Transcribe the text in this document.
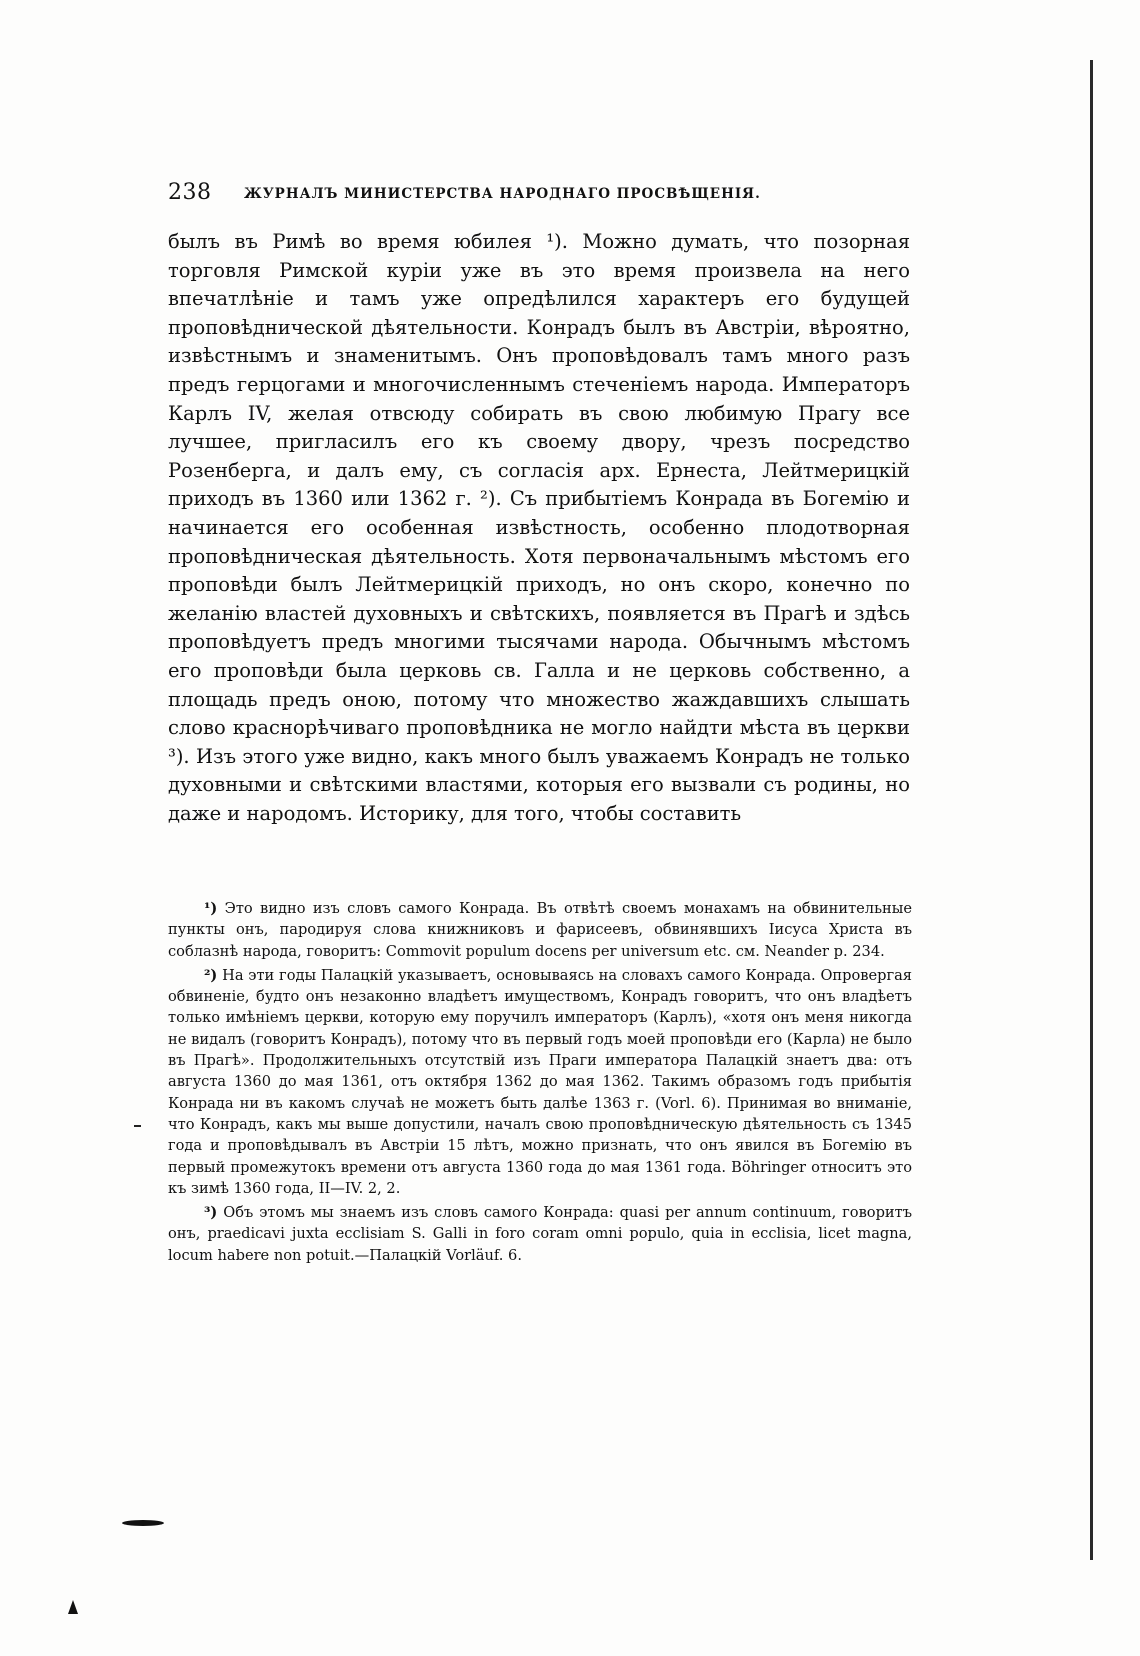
238 ЖУРНАЛЪ МИНИСТЕРСТВА НАРОДНАГО ПРОСВѢЩЕНІЯ.

былъ въ Римѣ во время юбилея ¹). Можно думать, что позорная торговля Римской куріи уже въ это время произвела на него впечатлѣніе и тамъ уже опредѣлился характеръ его будущей проповѣднической дѣятельности. Конрадъ былъ въ Австріи, вѣроятно, извѣстнымъ и знаменитымъ. Онъ проповѣдовалъ тамъ много разъ предъ герцогами и многочисленнымъ стеченіемъ народа. Императоръ Карлъ IV, желая отвсюду собирать въ свою любимую Прагу все лучшее, пригласилъ его къ своему двору, чрезъ посредство Розенберга, и далъ ему, съ согласія арх. Ернеста, Лейтмерицкій приходъ въ 1360 или 1362 г. ²). Съ прибытіемъ Конрада въ Богемію и начинается его особенная извѣстность, особенно плодотворная проповѣдническая дѣятельность. Хотя первоначальнымъ мѣстомъ его проповѣди былъ Лейтмерицкій приходъ, но онъ скоро, конечно по желанію властей духовныхъ и свѣтскихъ, появляется въ Прагѣ и здѣсь проповѣдуетъ предъ многими тысячами народа. Обычнымъ мѣстомъ его проповѣди была церковь св. Галла и не церковь собственно, а площадь предъ оною, потому что множество жаждавшихъ слышать слово краснорѣчиваго проповѣдника не могло найдти мѣста въ церкви ³). Изъ этого уже видно, какъ много былъ уважаемъ Конрадъ не только духовными и свѣтскими властями, которыя его вызвали съ родины, но даже и народомъ. Историку, для того, чтобы составить

¹) Это видно изъ словъ самого Конрада. Въ отвѣтѣ своемъ монахамъ на обвинительные пункты онъ, пародируя слова книжниковъ и фарисеевъ, обвинявшихъ Іисуса Христа въ соблазнѣ народа, говоритъ: Commovit populum docens per universum etc. см. Neander p. 234.

²) На эти годы Палацкій указываетъ, основываясь на словахъ самого Конрада. Опровергая обвиненіе, будто онъ незаконно владѣетъ имуществомъ, Конрадъ говоритъ, что онъ владѣетъ только имѣніемъ церкви, которую ему поручилъ императоръ (Карлъ), «хотя онъ меня никогда не видалъ (говоритъ Конрадъ), потому что въ первый годъ моей проповѣди его (Карла) не было въ Прагѣ». Продолжительныхъ отсутствій изъ Праги императора Палацкій знаетъ два: отъ августа 1360 до мая 1361, отъ октября 1362 до мая 1362. Такимъ образомъ годъ прибытія Конрада ни въ какомъ случаѣ не можетъ быть далѣе 1363 г. (Vorl. 6). Принимая во вниманіе, что Конрадъ, какъ мы выше допустили, началъ свою проповѣдническую дѣятельность съ 1345 года и проповѣдывалъ въ Австріи 15 лѣтъ, можно признать, что онъ явился въ Богемію въ первый промежутокъ времени отъ августа 1360 года до мая 1361 года. Böhringer относитъ это къ зимѣ 1360 года, II—IV. 2, 2.

³) Объ этомъ мы знаемъ изъ словъ самого Конрада: quasi per annum continuum, говоритъ онъ, praedicavi juxta ecclisiam S. Galli in foro coram omni populo, quia in ecclisia, licet magna, locum habere non potuit.—Палацкій Vorläuf. 6.
